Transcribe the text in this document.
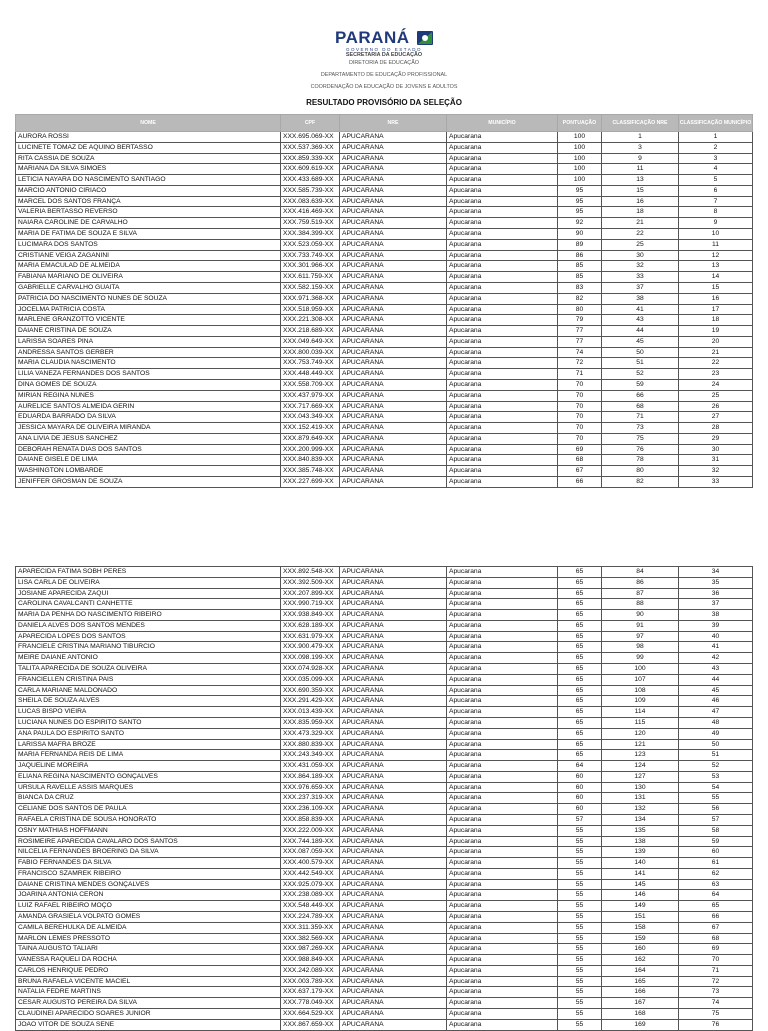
PARANÁ
GOVERNO DO ESTADO
SECRETARIA DA EDUCAÇÃO
DIRETORIA DE EDUCAÇÃO
DEPARTAMENTO DE EDUCAÇÃO PROFISSIONAL
COORDENAÇÃO DA EDUCAÇÃO DE JOVENS E ADULTOS
RESULTADO PROVISÓRIO DA SELEÇÃO
NOME	CPF	NRE	MUNICÍPIO	PONTUAÇÃO	CLASSIFICAÇÃO NRE	CLASSIFICAÇÃO MUNICÍPIO
AURORA ROSSI	XXX.695.069-XX	APUCARANA	Apucarana	100	1	1
LUCINETE TOMAZ DE AQUINO BERTASSO	XXX.537.369-XX	APUCARANA	Apucarana	100	3	2
RITA CASSIA DE SOUZA	XXX.859.339-XX	APUCARANA	Apucarana	100	9	3
MARIANA DA SILVA SIMOES	XXX.609.619-XX	APUCARANA	Apucarana	100	11	4
LETICIA NAYARA DO NASCIMENTO SANTIAGO	XXX.433.689-XX	APUCARANA	Apucarana	100	13	5
MARCIO ANTONIO CIRIACO	XXX.585.739-XX	APUCARANA	Apucarana	95	15	6
MARCEL DOS SANTOS FRANÇA	XXX.083.639-XX	APUCARANA	Apucarana	95	16	7
VALERIA BERTASSO REVERSO	XXX.416.469-XX	APUCARANA	Apucarana	95	18	8
NAIARA CAROLINE DE CARVALHO	XXX.759.519-XX	APUCARANA	Apucarana	92	21	9
MARIA DE FATIMA DE SOUZA E SILVA	XXX.384.399-XX	APUCARANA	Apucarana	90	22	10
LUCIMARA DOS SANTOS	XXX.523.059-XX	APUCARANA	Apucarana	89	25	11
CRISTIANE VEIGA ZAGANINI	XXX.733.749-XX	APUCARANA	Apucarana	86	30	12
MARIA EMACULAD DE ALMEIDA	XXX.301.966-XX	APUCARANA	Apucarana	85	32	13
FABIANA MARIANO DE OLIVEIRA	XXX.611.759-XX	APUCARANA	Apucarana	85	33	14
GABRIELLE CARVALHO GUAITA	XXX.582.159-XX	APUCARANA	Apucarana	83	37	15
PATRICIA DO NASCIMENTO NUNES DE SOUZA	XXX.971.368-XX	APUCARANA	Apucarana	82	38	16
JOCELMA PATRICIA COSTA	XXX.518.959-XX	APUCARANA	Apucarana	80	41	17
MARLENE GRANZOTTO VICENTE	XXX.221.308-XX	APUCARANA	Apucarana	79	43	18
DAIANE CRISTINA DE SOUZA	XXX.218.689-XX	APUCARANA	Apucarana	77	44	19
LARISSA SOARES PINA	XXX.049.649-XX	APUCARANA	Apucarana	77	45	20
ANDRESSA SANTOS GERBER	XXX.800.039-XX	APUCARANA	Apucarana	74	50	21
MARIA CLAUDIA NASCIMENTO	XXX.753.749-XX	APUCARANA	Apucarana	72	51	22
LILIA VANEZA FERNANDES DOS SANTOS	XXX.448.449-XX	APUCARANA	Apucarana	71	52	23
DINA GOMES DE SOUZA	XXX.558.709-XX	APUCARANA	Apucarana	70	59	24
MIRIAN REGINA NUNES	XXX.437.979-XX	APUCARANA	Apucarana	70	66	25
AURELICE SANTOS ALMEIDA GERIN	XXX.717.669-XX	APUCARANA	Apucarana	70	68	26
EDUARDA BARRADO DA SILVA	XXX.043.349-XX	APUCARANA	Apucarana	70	71	27
JESSICA MAYARA DE OLIVEIRA MIRANDA	XXX.152.419-XX	APUCARANA	Apucarana	70	73	28
ANA LIVIA DE JESUS SANCHEZ	XXX.879.649-XX	APUCARANA	Apucarana	70	75	29
DEBORAH RENATA DIAS DOS SANTOS	XXX.200.999-XX	APUCARANA	Apucarana	69	76	30
DAIANE GISELE DE LIMA	XXX.840.839-XX	APUCARANA	Apucarana	68	78	31
WASHINGTON LOMBARDE	XXX.385.748-XX	APUCARANA	Apucarana	67	80	32
JENIFFER GROSMAN DE SOUZA	XXX.227.699-XX	APUCARANA	Apucarana	66	82	33
APARECIDA FATIMA SOBH PERES	XXX.892.548-XX	APUCARANA	Apucarana	65	84	34
LISA CARLA DE OLIVEIRA	XXX.392.509-XX	APUCARANA	Apucarana	65	86	35
JOSIANE APARECIDA ZAQUI	XXX.207.899-XX	APUCARANA	Apucarana	65	87	36
CAROLINA CAVALCANTI CANHETTE	XXX.990.719-XX	APUCARANA	Apucarana	65	88	37
MARIA DA PENHA DO NASCIMENTO RIBEIRO	XXX.938.849-XX	APUCARANA	Apucarana	65	90	38
DANIELA ALVES DOS SANTOS MENDES	XXX.628.189-XX	APUCARANA	Apucarana	65	91	39
APARECIDA LOPES DOS SANTOS	XXX.631.979-XX	APUCARANA	Apucarana	65	97	40
FRANCIELE CRISTINA MARIANO TIBURCIO	XXX.900.479-XX	APUCARANA	Apucarana	65	98	41
MEIRE DAIANE ANTONIO	XXX.098.199-XX	APUCARANA	Apucarana	65	99	42
TALITA APARECIDA DE SOUZA OLIVEIRA	XXX.074.928-XX	APUCARANA	Apucarana	65	100	43
FRANCIELLEN CRISTINA PAIS	XXX.035.099-XX	APUCARANA	Apucarana	65	107	44
CARLA MARIANE MALDONADO	XXX.690.359-XX	APUCARANA	Apucarana	65	108	45
SHEILA DE SOUZA ALVES	XXX.291.429-XX	APUCARANA	Apucarana	65	109	46
LUCAS BISPO VIEIRA	XXX.013.439-XX	APUCARANA	Apucarana	65	114	47
LUCIANA NUNES DO ESPIRITO SANTO	XXX.835.959-XX	APUCARANA	Apucarana	65	115	48
ANA PAULA DO ESPIRITO SANTO	XXX.473.329-XX	APUCARANA	Apucarana	65	120	49
LARISSA MAFRA BROZE	XXX.880.839-XX	APUCARANA	Apucarana	65	121	50
MARIA FERNANDA REIS DE LIMA	XXX.243.349-XX	APUCARANA	Apucarana	65	123	51
JAQUELINE MOREIRA	XXX.431.059-XX	APUCARANA	Apucarana	64	124	52
ELIANA REGINA NASCIMENTO GONÇALVES	XXX.864.189-XX	APUCARANA	Apucarana	60	127	53
URSULA RAVELLE ASSIS MARQUES	XXX.976.659-XX	APUCARANA	Apucarana	60	130	54
BIANCA DA CRUZ	XXX.237.319-XX	APUCARANA	Apucarana	60	131	55
CELIANE DOS SANTOS DE PAULA	XXX.236.109-XX	APUCARANA	Apucarana	60	132	56
RAFAELA CRISTINA DE SOUSA HONORATO	XXX.858.839-XX	APUCARANA	Apucarana	57	134	57
OSNY MATHIAS HOFFMANN	XXX.222.009-XX	APUCARANA	Apucarana	55	135	58
ROSIMEIRE APARECIDA CAVALARO DOS SANTOS	XXX.744.189-XX	APUCARANA	Apucarana	55	138	59
NILCELIA FERNANDES BROERING DA SILVA	XXX.087.059-XX	APUCARANA	Apucarana	55	139	60
FABIO FERNANDES DA SILVA	XXX.400.579-XX	APUCARANA	Apucarana	55	140	61
FRANCISCO SZAMREK RIBEIRO	XXX.442.549-XX	APUCARANA	Apucarana	55	141	62
DAIANE CRISTINA MENDES GONÇALVES	XXX.925.079-XX	APUCARANA	Apucarana	55	145	63
JOARINA ANTONIA CERON	XXX.238.089-XX	APUCARANA	Apucarana	55	146	64
LUIZ RAFAEL RIBEIRO MOÇO	XXX.548.449-XX	APUCARANA	Apucarana	55	149	65
AMANDA GRASIELA VOLPATO GOMES	XXX.224.789-XX	APUCARANA	Apucarana	55	151	66
CAMILA BEREHULKA DE ALMEIDA	XXX.311.359-XX	APUCARANA	Apucarana	55	158	67
MARLON LEMES PRESSOTO	XXX.382.569-XX	APUCARANA	Apucarana	55	159	68
TAINA AUGUSTO TALIARI	XXX.987.269-XX	APUCARANA	Apucarana	55	160	69
VANESSA RAQUELI DA ROCHA	XXX.988.849-XX	APUCARANA	Apucarana	55	162	70
CARLOS HENRIQUE PEDRO	XXX.242.089-XX	APUCARANA	Apucarana	55	164	71
BRUNA RAFAELA VICENTE MACIEL	XXX.003.789-XX	APUCARANA	Apucarana	55	165	72
NATALIA FEDRE MARTINS	XXX.637.179-XX	APUCARANA	Apucarana	55	166	73
CESAR AUGUSTO PEREIRA DA SILVA	XXX.778.049-XX	APUCARANA	Apucarana	55	167	74
CLAUDINEI APARECIDO SOARES JUNIOR	XXX.664.529-XX	APUCARANA	Apucarana	55	168	75
JOAO VITOR DE SOUZA SENE	XXX.867.659-XX	APUCARANA	Apucarana	55	169	76
